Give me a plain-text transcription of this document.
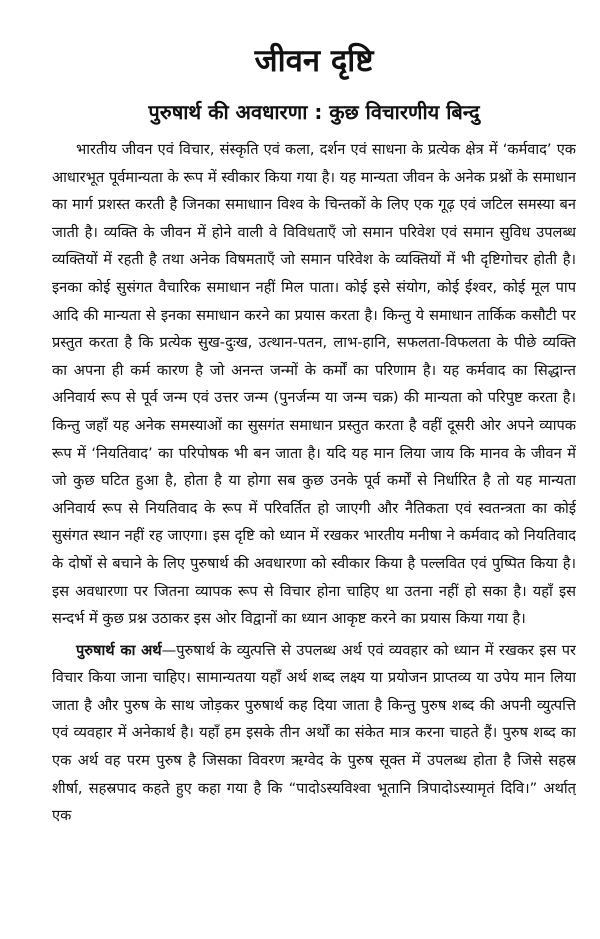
जीवन दृष्टि
पुरुषार्थ की अवधारणा : कुछ विचारणीय बिन्दु

भारतीय जीवन एवं विचार, संस्कृति एवं कला, दर्शन एवं साधना के प्रत्येक क्षेत्र में ‘कर्मवाद’ एक आधारभूत पूर्वमान्यता के रूप में स्वीकार किया गया है। यह मान्यता जीवन के अनेक प्रश्नों के समाधान का मार्ग प्रशस्त करती है जिनका समाधाान विश्व के चिन्तकों के लिए एक गूढ़ एवं जटिल समस्या बन जाती है। व्यक्ति के जीवन में होने वाली वे विविधताएँ जो समान परिवेश एवं समान सुविध उपलब्ध व्यक्तियों में रहती है तथा अनेक विषमताएँ जो समान परिवेश के व्यक्तियों में भी दृष्टिगोचर होती है। इनका कोई सुसंगत वैचारिक समाधान नहीं मिल पाता। कोई इसे संयोग, कोई ईश्वर, कोई मूल पाप आदि की मान्यता से इनका समाधान करने का प्रयास करता है। किन्तु ये समाधान तार्किक कसौटी पर प्रस्तुत करता है कि प्रत्येक सुख-दुःख, उत्थान-पतन, लाभ-हानि, सफलता-विफलता के पीछे व्यक्ति का अपना ही कर्म कारण है जो अनन्त जन्मों के कर्मों का परिणाम है। यह कर्मवाद का सिद्धान्त अनिवार्य रूप से पूर्व जन्म एवं उत्तर जन्म (पुनर्जन्म या जन्म चक्र) की मान्यता को परिपुष्ट करता है। किन्तु जहाँ यह अनेक समस्याओं का सुसगंत समाधान प्रस्तुत करता है वहीं दूसरी ओर अपने व्यापक रूप में ‘नियतिवाद’ का परिपोषक भी बन जाता है। यदि यह मान लिया जाय कि मानव के जीवन में जो कुछ घटित हुआ है, होता है या होगा सब कुछ उनके पूर्व कर्मों से निर्धारित है तो यह मान्यता अनिवार्य रूप से नियतिवाद के रूप में परिवर्तित हो जाएगी और नैतिकता एवं स्वतन्त्रता का कोई सुसंगत स्थान नहीं रह जाएगा। इस दृष्टि को ध्यान में रखकर भारतीय मनीषा ने कर्मवाद को नियतिवाद के दोषों से बचाने के लिए पुरुषार्थ की अवधारणा को स्वीकार किया है पल्लवित एवं पुष्पित किया है। इस अवधारणा पर जितना व्यापक रूप से विचार होना चाहिए था उतना नहीं हो सका है। यहाँ इस सन्दर्भ में कुछ प्रश्न उठाकर इस ओर विद्वानों का ध्यान आकृष्ट करने का प्रयास किया गया है।

पुरुषार्थ का अर्थ—पुरुषार्थ के व्युत्पत्ति से उपलब्ध अर्थ एवं व्यवहार को ध्यान में रखकर इस पर विचार किया जाना चाहिए। सामान्यतया यहाँ अर्थ शब्द लक्ष्य या प्रयोजन प्राप्तव्य या उपेय मान लिया जाता है और पुरुष के साथ जोड़कर पुरुषार्थ कह दिया जाता है किन्तु पुरुष शब्द की अपनी व्युत्पत्ति एवं व्यवहार में अनेकार्थ है। यहाँ हम इसके तीन अर्थों का संकेत मात्र करना चाहते हैं। पुरुष शब्द का एक अर्थ वह परम पुरुष है जिसका विवरण ऋग्वेद के पुरुष सूक्त में उपलब्ध होता है जिसे सहस्र शीर्षा, सहस्रपाद कहते हुए कहा गया है कि “पादोऽस्यविश्वा भूतानि त्रिपादोऽस्यामृतं दिवि।” अर्थात् एक
